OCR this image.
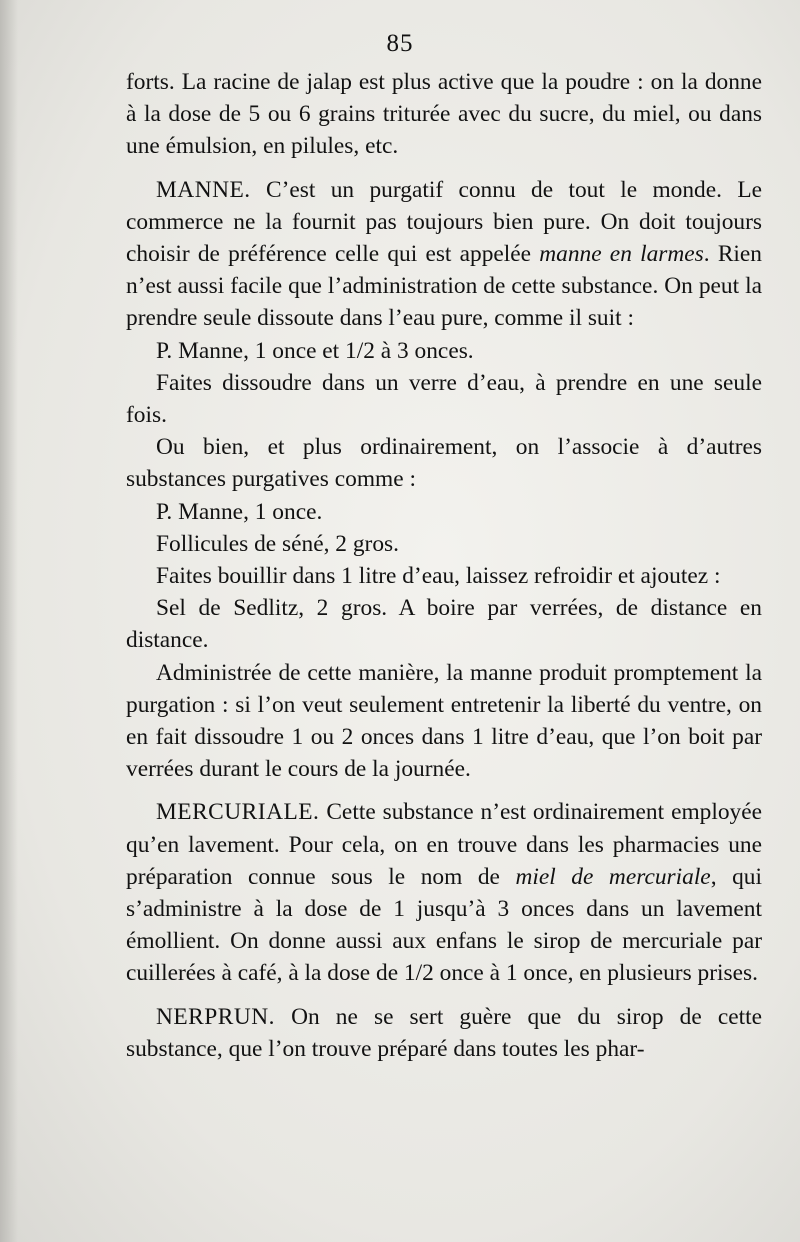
85

forts. La racine de jalap est plus active que la poudre : on la donne à la dose de 5 ou 6 grains triturée avec du sucre, du miel, ou dans une émulsion, en pilules, etc.

MANNE. C’est un purgatif connu de tout le monde. Le commerce ne la fournit pas toujours bien pure. On doit toujours choisir de préférence celle qui est appelée manne en larmes. Rien n’est aussi facile que l’administration de cette substance. On peut la prendre seule dissoute dans l’eau pure, comme il suit :

P. Manne, 1 once et 1/2 à 3 onces.

Faites dissoudre dans un verre d’eau, à prendre en une seule fois.

Ou bien, et plus ordinairement, on l’associe à d’autres substances purgatives comme :

P. Manne, 1 once.

Follicules de séné, 2 gros.

Faites bouillir dans 1 litre d’eau, laissez refroidir et ajoutez :

Sel de Sedlitz, 2 gros. A boire par verrées, de distance en distance.

Administrée de cette manière, la manne produit promptement la purgation : si l’on veut seulement entretenir la liberté du ventre, on en fait dissoudre 1 ou 2 onces dans 1 litre d’eau, que l’on boit par verrées durant le cours de la journée.

MERCURIALE. Cette substance n’est ordinairement employée qu’en lavement. Pour cela, on en trouve dans les pharmacies une préparation connue sous le nom de miel de mercuriale, qui s’administre à la dose de 1 jusqu’à 3 onces dans un lavement émollient. On donne aussi aux enfans le sirop de mercuriale par cuillerées à café, à la dose de 1/2 once à 1 once, en plusieurs prises.

NERPRUN. On ne se sert guère que du sirop de cette substance, que l’on trouve préparé dans toutes les phar-
